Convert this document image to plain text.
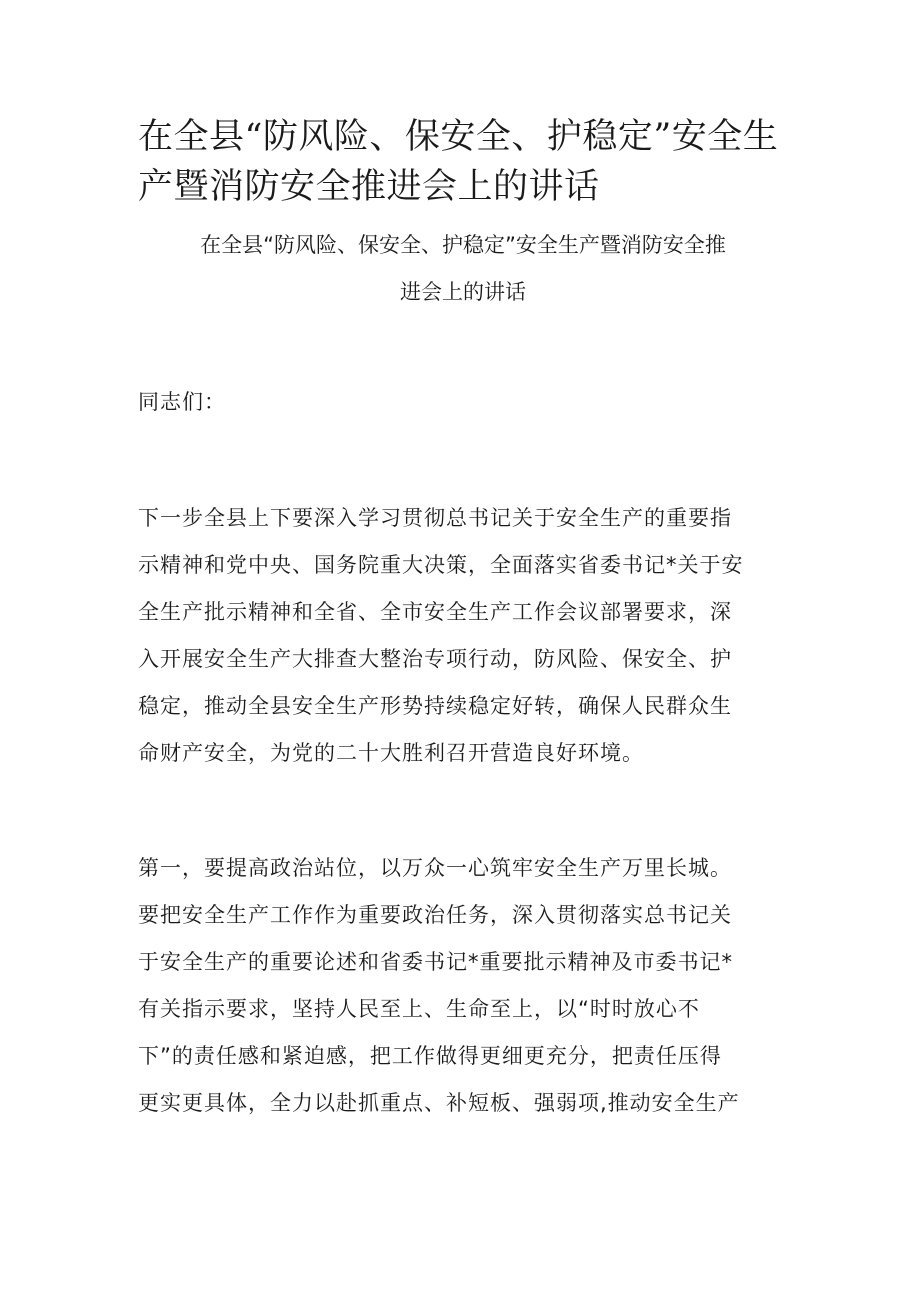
在全县“防风险、保安全、护稳定”安全生
产暨消防安全推进会上的讲话
在全县“防风险、保安全、护稳定”安全生产暨消防安全推
进会上的讲话

同志们：

下一步全县上下要深入学习贯彻总书记关于安全生产的重要指
示精神和党中央、国务院重大决策，全面落实省委书记*关于安
全生产批示精神和全省、全市安全生产工作会议部署要求，深
入开展安全生产大排查大整治专项行动，防风险、保安全、护
稳定，推动全县安全生产形势持续稳定好转，确保人民群众生
命财产安全，为党的二十大胜利召开营造良好环境。

第一，要提高政治站位，以万众一心筑牢安全生产万里长城。
要把安全生产工作作为重要政治任务，深入贯彻落实总书记关
于安全生产的重要论述和省委书记*重要批示精神及市委书记*
有关指示要求，坚持人民至上、生命至上，以“时时放心不
下”的责任感和紧迫感，把工作做得更细更充分，把责任压得
更实更具体，全力以赴抓重点、补短板、强弱项,推动安全生产
